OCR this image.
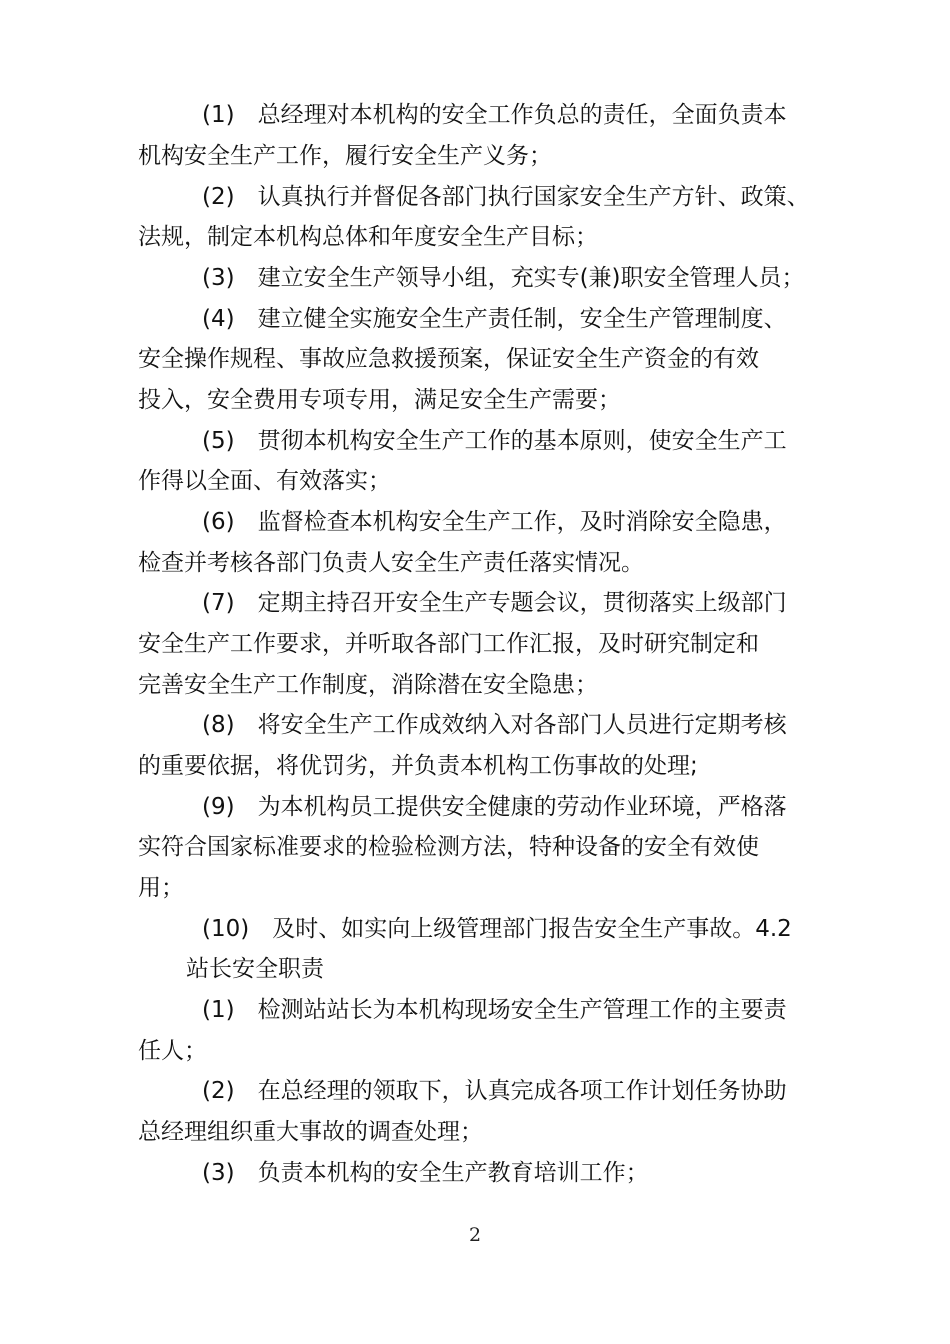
(1)　总经理对本机构的安全工作负总的责任，全面负责本
机构安全生产工作，履行安全生产义务；
(2)　认真执行并督促各部门执行国家安全生产方针、政策、
法规，制定本机构总体和年度安全生产目标；
(3)　建立安全生产领导小组，充实专(兼)职安全管理人员；
(4)　建立健全实施安全生产责任制，安全生产管理制度、
安全操作规程、事故应急救援预案，保证安全生产资金的有效
投入，安全费用专项专用，满足安全生产需要；
(5)　贯彻本机构安全生产工作的基本原则，使安全生产工
作得以全面、有效落实；
(6)　监督检查本机构安全生产工作，及时消除安全隐患，
检查并考核各部门负责人安全生产责任落实情况。
(7)　定期主持召开安全生产专题会议，贯彻落实上级部门
安全生产工作要求，并听取各部门工作汇报，及时研究制定和
完善安全生产工作制度，消除潜在安全隐患；
(8)　将安全生产工作成效纳入对各部门人员进行定期考核
的重要依据，将优罚劣，并负责本机构工伤事故的处理;
(9)　为本机构员工提供安全健康的劳动作业环境，严格落
实符合国家标准要求的检验检测方法，特种设备的安全有效使
用；
(10)　及时、如实向上级管理部门报告安全生产事故。4.2
站长安全职责
(1)　检测站站长为本机构现场安全生产管理工作的主要责
任人；
(2)　在总经理的领取下，认真完成各项工作计划任务协助
总经理组织重大事故的调查处理；
(3)　负责本机构的安全生产教育培训工作；
2
